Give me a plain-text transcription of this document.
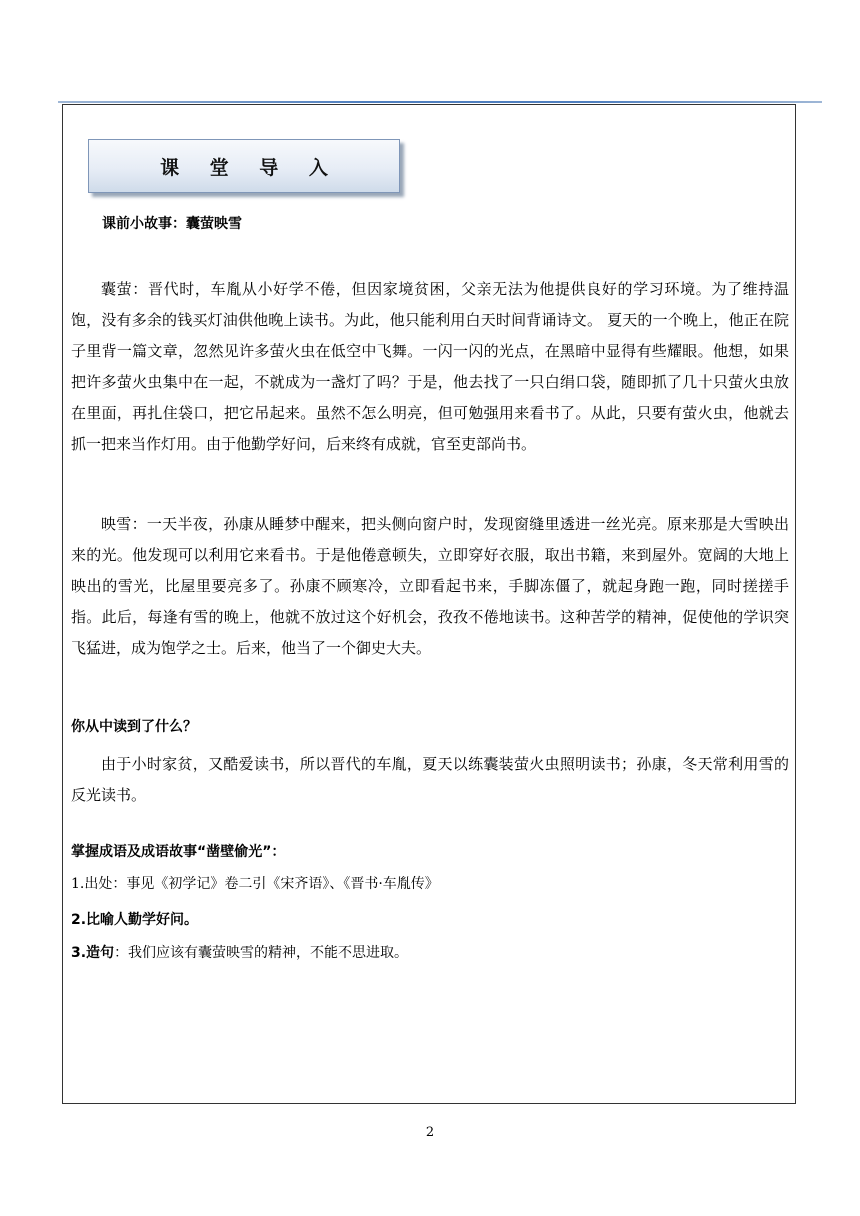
课 堂 导 入
课前小故事：囊萤映雪
囊萤：晋代时，车胤从小好学不倦，但因家境贫困，父亲无法为他提供良好的学习环境。为了维持温饱，没有多余的钱买灯油供他晚上读书。为此，他只能利用白天时间背诵诗文。 夏天的一个晚上，他正在院子里背一篇文章，忽然见许多萤火虫在低空中飞舞。一闪一闪的光点，在黑暗中显得有些耀眼。他想，如果把许多萤火虫集中在一起，不就成为一盏灯了吗？于是，他去找了一只白绢口袋，随即抓了几十只萤火虫放在里面，再扎住袋口，把它吊起来。虽然不怎么明亮，但可勉强用来看书了。从此，只要有萤火虫，他就去抓一把来当作灯用。由于他勤学好问，后来终有成就，官至吏部尚书。
映雪：一天半夜，孙康从睡梦中醒来，把头侧向窗户时，发现窗缝里透进一丝光亮。原来那是大雪映出来的光。他发现可以利用它来看书。于是他倦意顿失，立即穿好衣服，取出书籍，来到屋外。宽阔的大地上映出的雪光，比屋里要亮多了。孙康不顾寒冷，立即看起书来，手脚冻僵了，就起身跑一跑，同时搓搓手指。此后，每逢有雪的晚上，他就不放过这个好机会，孜孜不倦地读书。这种苦学的精神，促使他的学识突飞猛进，成为饱学之士。后来，他当了一个御史大夫。
你从中读到了什么？
由于小时家贫，又酷爱读书，所以晋代的车胤，夏天以练囊装萤火虫照明读书；孙康，冬天常利用雪的反光读书。
掌握成语及成语故事“凿壁偷光”：
1.出处：事见《初学记》卷二引《宋齐语》、《晋书·车胤传》
2.比喻人勤学好问。
3.造句：我们应该有囊萤映雪的精神，不能不思进取。
2
